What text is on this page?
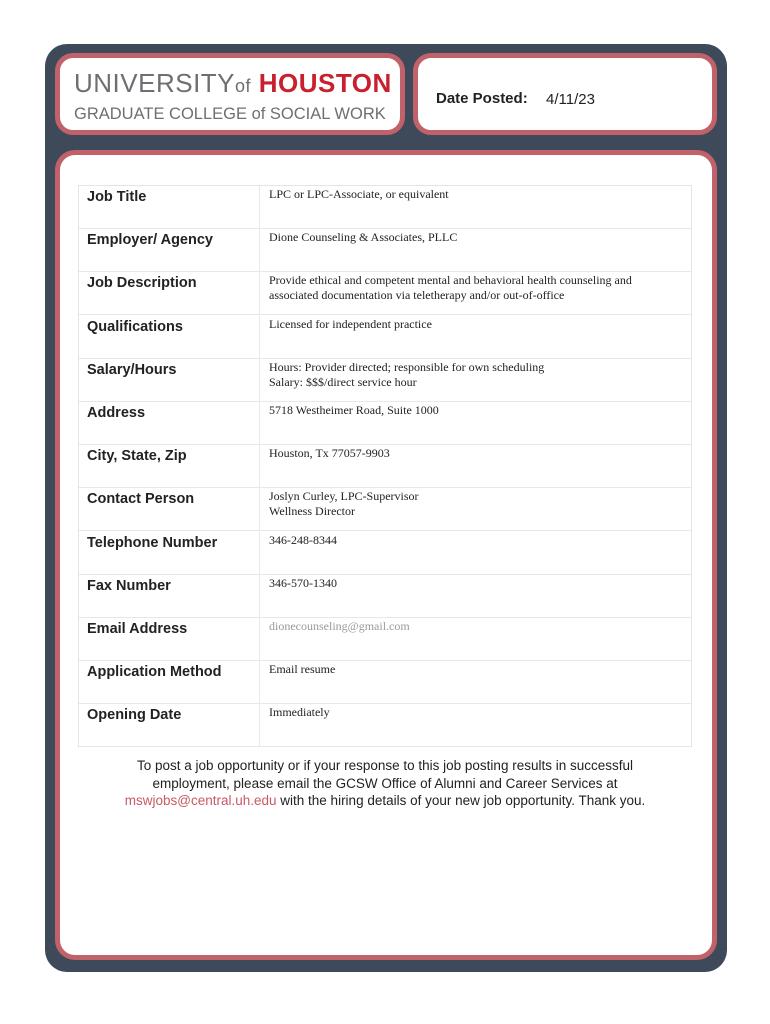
UNIVERSITYof HOUSTON
GRADUATE COLLEGE of SOCIAL WORK
Date Posted: 4/11/23
Job Title	LPC or LPC-Associate, or equivalent
Employer/ Agency	Dione Counseling & Associates, PLLC
Job Description	Provide ethical and competent mental and behavioral health counseling and
associated documentation via teletherapy and/or out-of-office
Qualifications	Licensed for independent practice
Salary/Hours	Hours: Provider directed; responsible for own scheduling
Salary: $$$/direct service hour
Address	5718 Westheimer Road, Suite 1000
City, State, Zip	Houston, Tx 77057-9903
Contact Person	Joslyn Curley, LPC-Supervisor
Wellness Director
Telephone Number	346-248-8344
Fax Number	346-570-1340
Email Address	dionecounseling@gmail.com
Application Method	Email resume
Opening Date	Immediately
To post a job opportunity or if your response to this job posting results in successful employment, please email the GCSW Office of Alumni and Career Services at mswjobs@central.uh.edu with the hiring details of your new job opportunity. Thank you.
